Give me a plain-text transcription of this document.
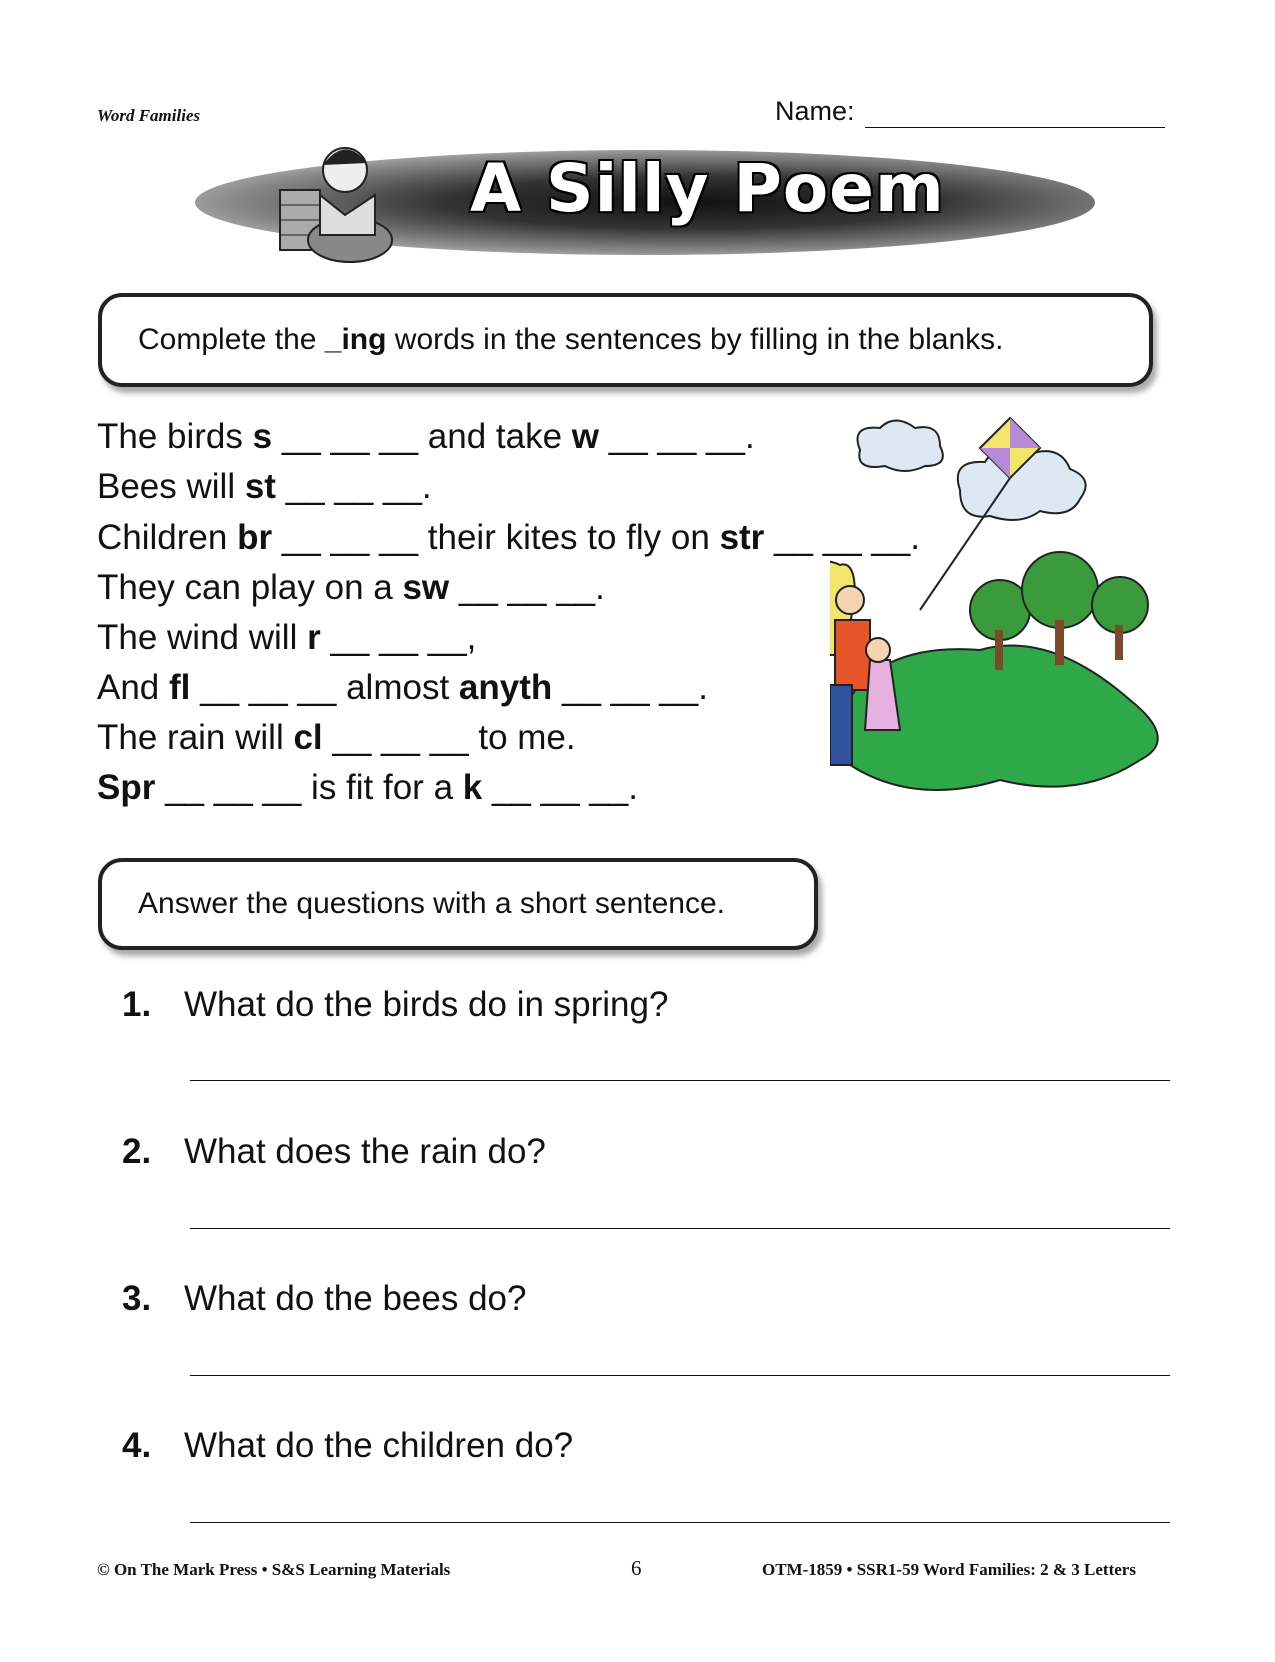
Word Families	Name:
A Silly Poem
Complete the _ing words in the sentences by filling in the blanks.
The birds s __ __ __ and take w __ __ __.
Bees will st __ __ __.
Children br __ __ __ their kites to fly on str __ __ __.
They can play on a sw __ __ __.
The wind will r __ __ __,
And fl __ __ __ almost anyth __ __ __.
The rain will cl __ __ __ to me.
Spr __ __ __ is fit for a k __ __ __.
Answer the questions with a short sentence.
1. What do the birds do in spring?
2. What does the rain do?
3. What do the bees do?
4. What do the children do?
© On The Mark Press • S&S Learning Materials	6	OTM-1859 • SSR1-59 Word Families: 2 & 3 Letters
